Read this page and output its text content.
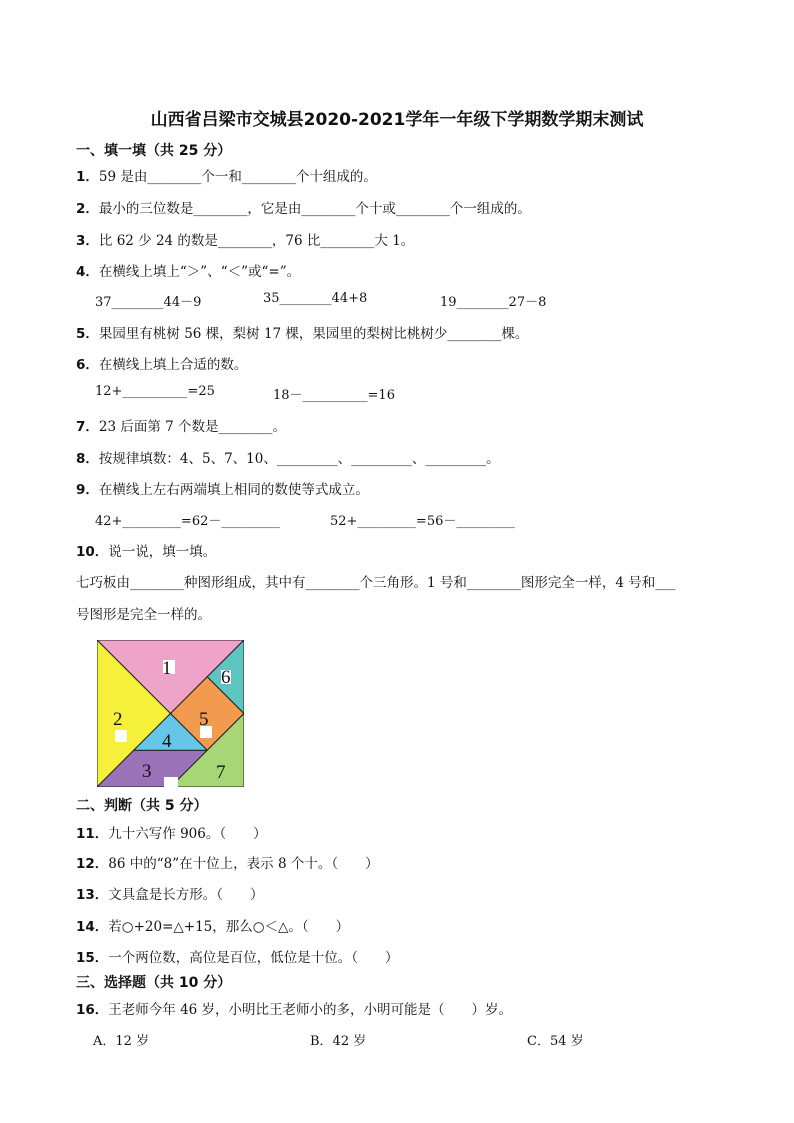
山西省吕梁市交城县2020-2021学年一年级下学期数学期末测试
一、填一填（共 25 分）
1．59 是由________个一和________个十组成的。
2．最小的三位数是________，它是由________个十或________个一组成的。
3．比 62 少 24 的数是________，76 比________大 1。
4．在横线上填上“＞”、“＜”或“=”。
37________44－9	35________44+8	19________27－8
5．果园里有桃树 56 棵，梨树 17 棵，果园里的梨树比桃树少________棵。
6．在横线上填上合适的数。
12+__________=25	18－__________=16
7．23 后面第 7 个数是________。
8．按规律填数：4、5、7、10、_________、_________、_________。
9．在横线上左右两端填上相同的数使等式成立。
42+_________=62－_________	52+_________=56－_________
10．说一说，填一填。
七巧板由________种图形组成，其中有________个三角形。1 号和________图形完全一样，4 号和___
号图形是完全一样的。
1	6
2	5
4
3	7
二、判断（共 5 分）
11．九十六写作 906。（　　）
12．86 中的“8”在十位上，表示 8 个十。（　　）
13．文具盒是长方形。（　　）
14．若○+20=△+15，那么○＜△。（　　）
15．一个两位数，高位是百位，低位是十位。（　　）
三、选择题（共 10 分）
16．王老师今年 46 岁，小明比王老师小的多，小明可能是（　　）岁。
A．12 岁	B．42 岁	C．54 岁
